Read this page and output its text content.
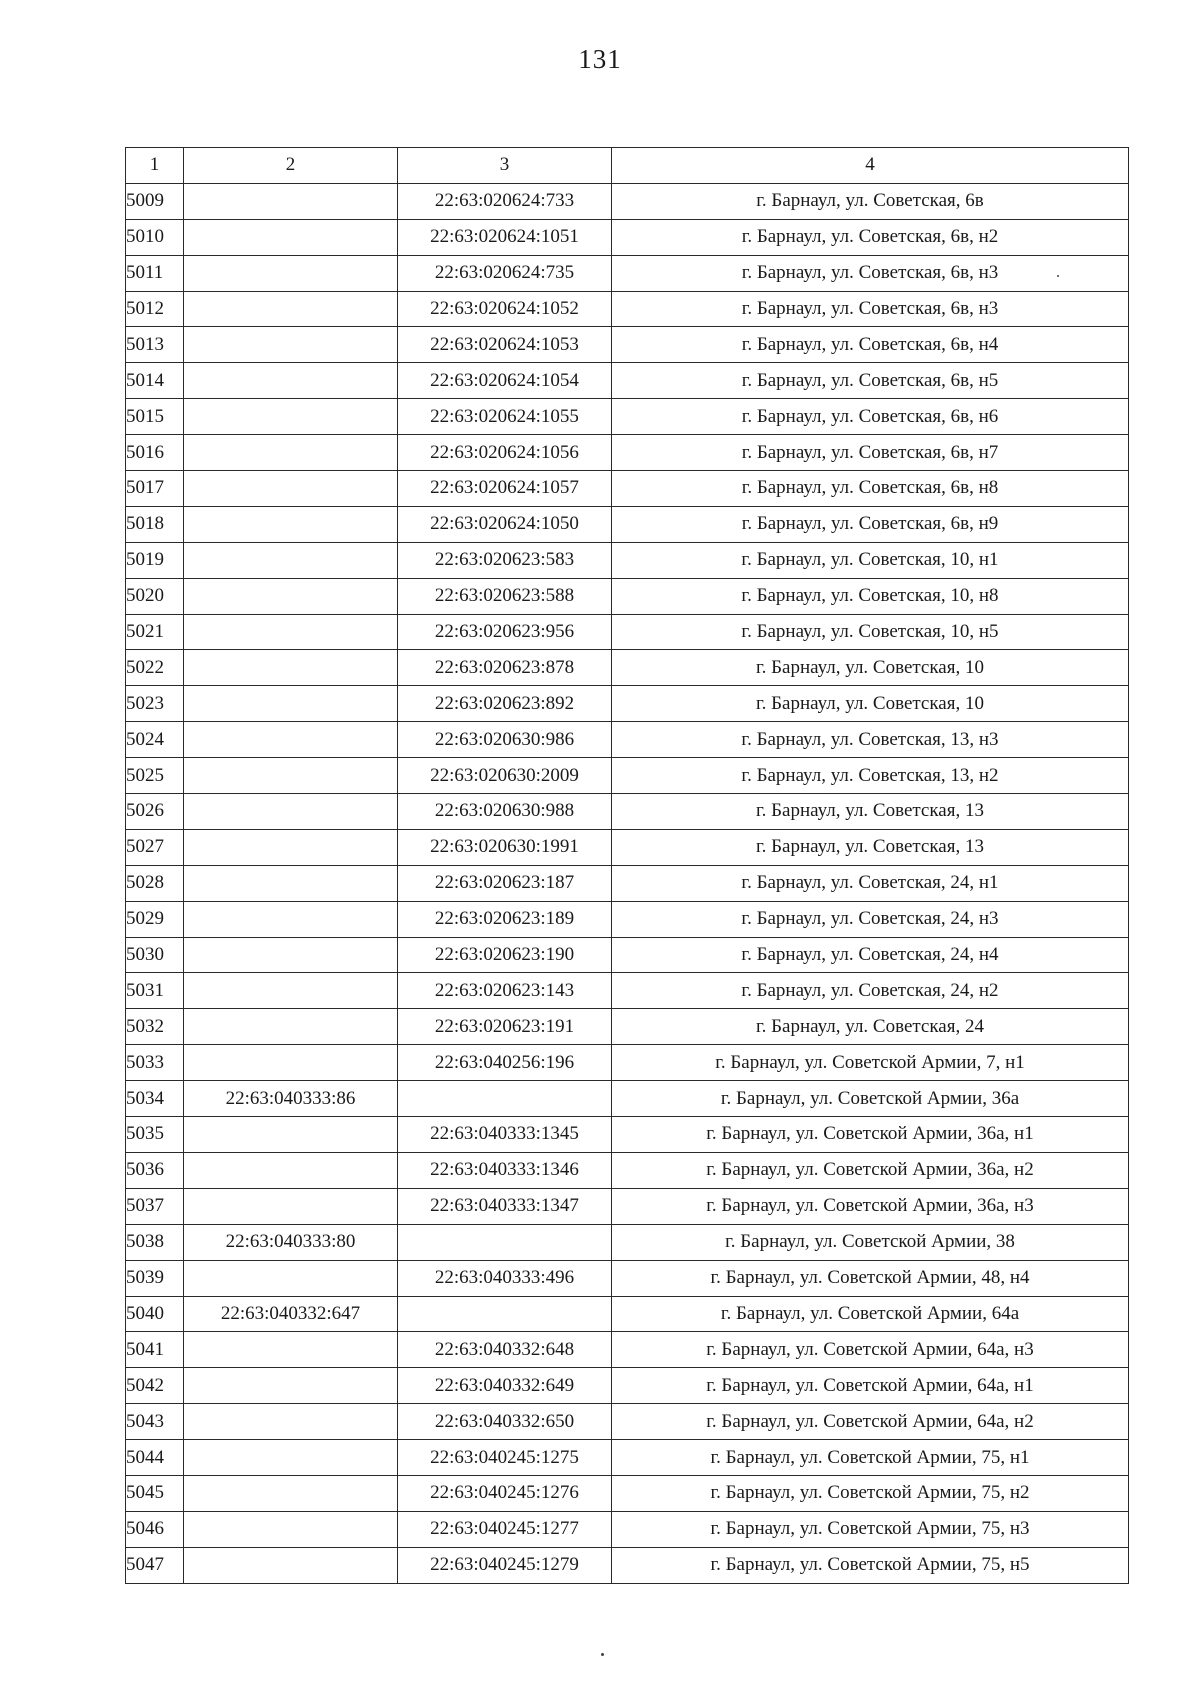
131
1	2	3	4
5009		22:63:020624:733	г. Барнаул, ул. Советская, 6в
5010		22:63:020624:1051	г. Барнаул, ул. Советская, 6в, н2
5011		22:63:020624:735	г. Барнаул, ул. Советская, 6в, н3
5012		22:63:020624:1052	г. Барнаул, ул. Советская, 6в, н3
5013		22:63:020624:1053	г. Барнаул, ул. Советская, 6в, н4
5014		22:63:020624:1054	г. Барнаул, ул. Советская, 6в, н5
5015		22:63:020624:1055	г. Барнаул, ул. Советская, 6в, н6
5016		22:63:020624:1056	г. Барнаул, ул. Советская, 6в, н7
5017		22:63:020624:1057	г. Барнаул, ул. Советская, 6в, н8
5018		22:63:020624:1050	г. Барнаул, ул. Советская, 6в, н9
5019		22:63:020623:583	г. Барнаул, ул. Советская, 10, н1
5020		22:63:020623:588	г. Барнаул, ул. Советская, 10, н8
5021		22:63:020623:956	г. Барнаул, ул. Советская, 10, н5
5022		22:63:020623:878	г. Барнаул, ул. Советская, 10
5023		22:63:020623:892	г. Барнаул, ул. Советская, 10
5024		22:63:020630:986	г. Барнаул, ул. Советская, 13, н3
5025		22:63:020630:2009	г. Барнаул, ул. Советская, 13, н2
5026		22:63:020630:988	г. Барнаул, ул. Советская, 13
5027		22:63:020630:1991	г. Барнаул, ул. Советская, 13
5028		22:63:020623:187	г. Барнаул, ул. Советская, 24, н1
5029		22:63:020623:189	г. Барнаул, ул. Советская, 24, н3
5030		22:63:020623:190	г. Барнаул, ул. Советская, 24, н4
5031		22:63:020623:143	г. Барнаул, ул. Советская, 24, н2
5032		22:63:020623:191	г. Барнаул, ул. Советская, 24
5033		22:63:040256:196	г. Барнаул, ул. Советской Армии, 7, н1
5034	22:63:040333:86		г. Барнаул, ул. Советской Армии, 36а
5035		22:63:040333:1345	г. Барнаул, ул. Советской Армии, 36а, н1
5036		22:63:040333:1346	г. Барнаул, ул. Советской Армии, 36а, н2
5037		22:63:040333:1347	г. Барнаул, ул. Советской Армии, 36а, н3
5038	22:63:040333:80		г. Барнаул, ул. Советской Армии, 38
5039		22:63:040333:496	г. Барнаул, ул. Советской Армии, 48, н4
5040	22:63:040332:647		г. Барнаул, ул. Советской Армии, 64а
5041		22:63:040332:648	г. Барнаул, ул. Советской Армии, 64а, н3
5042		22:63:040332:649	г. Барнаул, ул. Советской Армии, 64а, н1
5043		22:63:040332:650	г. Барнаул, ул. Советской Армии, 64а, н2
5044		22:63:040245:1275	г. Барнаул, ул. Советской Армии, 75, н1
5045		22:63:040245:1276	г. Барнаул, ул. Советской Армии, 75, н2
5046		22:63:040245:1277	г. Барнаул, ул. Советской Армии, 75, н3
5047		22:63:040245:1279	г. Барнаул, ул. Советской Армии, 75, н5
